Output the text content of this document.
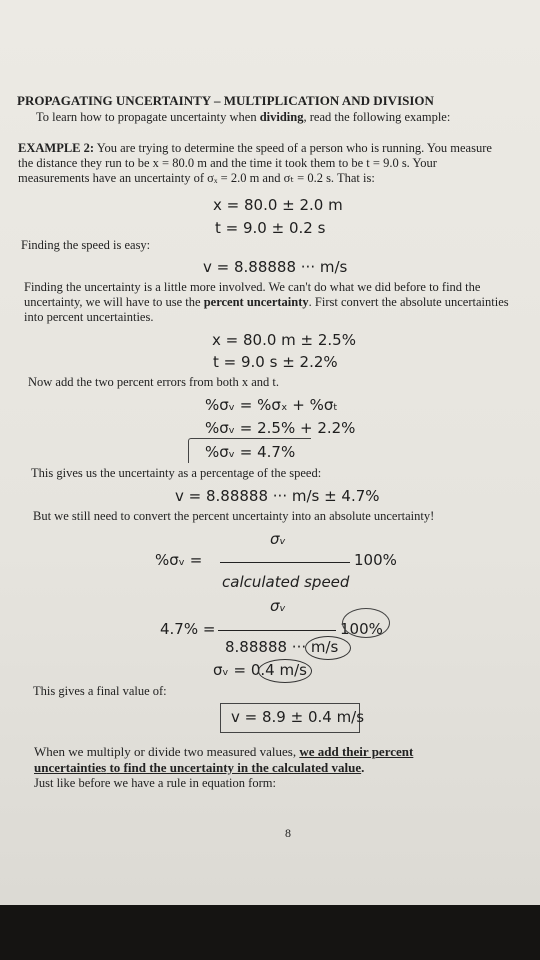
PROPAGATING UNCERTAINTY – MULTIPLICATION AND DIVISION
To learn how to propagate uncertainty when dividing, read the following example:
EXAMPLE 2: You are trying to determine the speed of a person who is running. You measure
the distance they run to be x = 80.0 m and the time it took them to be t = 9.0 s. Your
measurements have an uncertainty of σₓ = 2.0 m and σₜ = 0.2 s. That is:
x = 80.0 ± 2.0 m
t = 9.0 ± 0.2 s
Finding the speed is easy:
v = 8.88888 ··· m/s
Finding the uncertainty is a little more involved. We can't do what we did before to find the
uncertainty, we will have to use the percent uncertainty. First convert the absolute uncertainties
into percent uncertainties.
x = 80.0 m ± 2.5%
t = 9.0 s ± 2.2%
Now add the two percent errors from both x and t.
%σᵥ = %σₓ + %σₜ
%σᵥ = 2.5% + 2.2%
%σᵥ = 4.7%
This gives us the uncertainty as a percentage of the speed:
v = 8.88888 ··· m/s ± 4.7%
But we still need to convert the percent uncertainty into an absolute uncertainty!
σᵥ
%σᵥ =	100%
calculated speed
σᵥ
4.7% =	100%
8.88888 ··· m/s
σᵥ = 0.4 m/s
This gives a final value of:
v = 8.9 ± 0.4 m/s
When we multiply or divide two measured values, we add their percent
uncertainties to find the uncertainty in the calculated value.
Just like before we have a rule in equation form:
8
